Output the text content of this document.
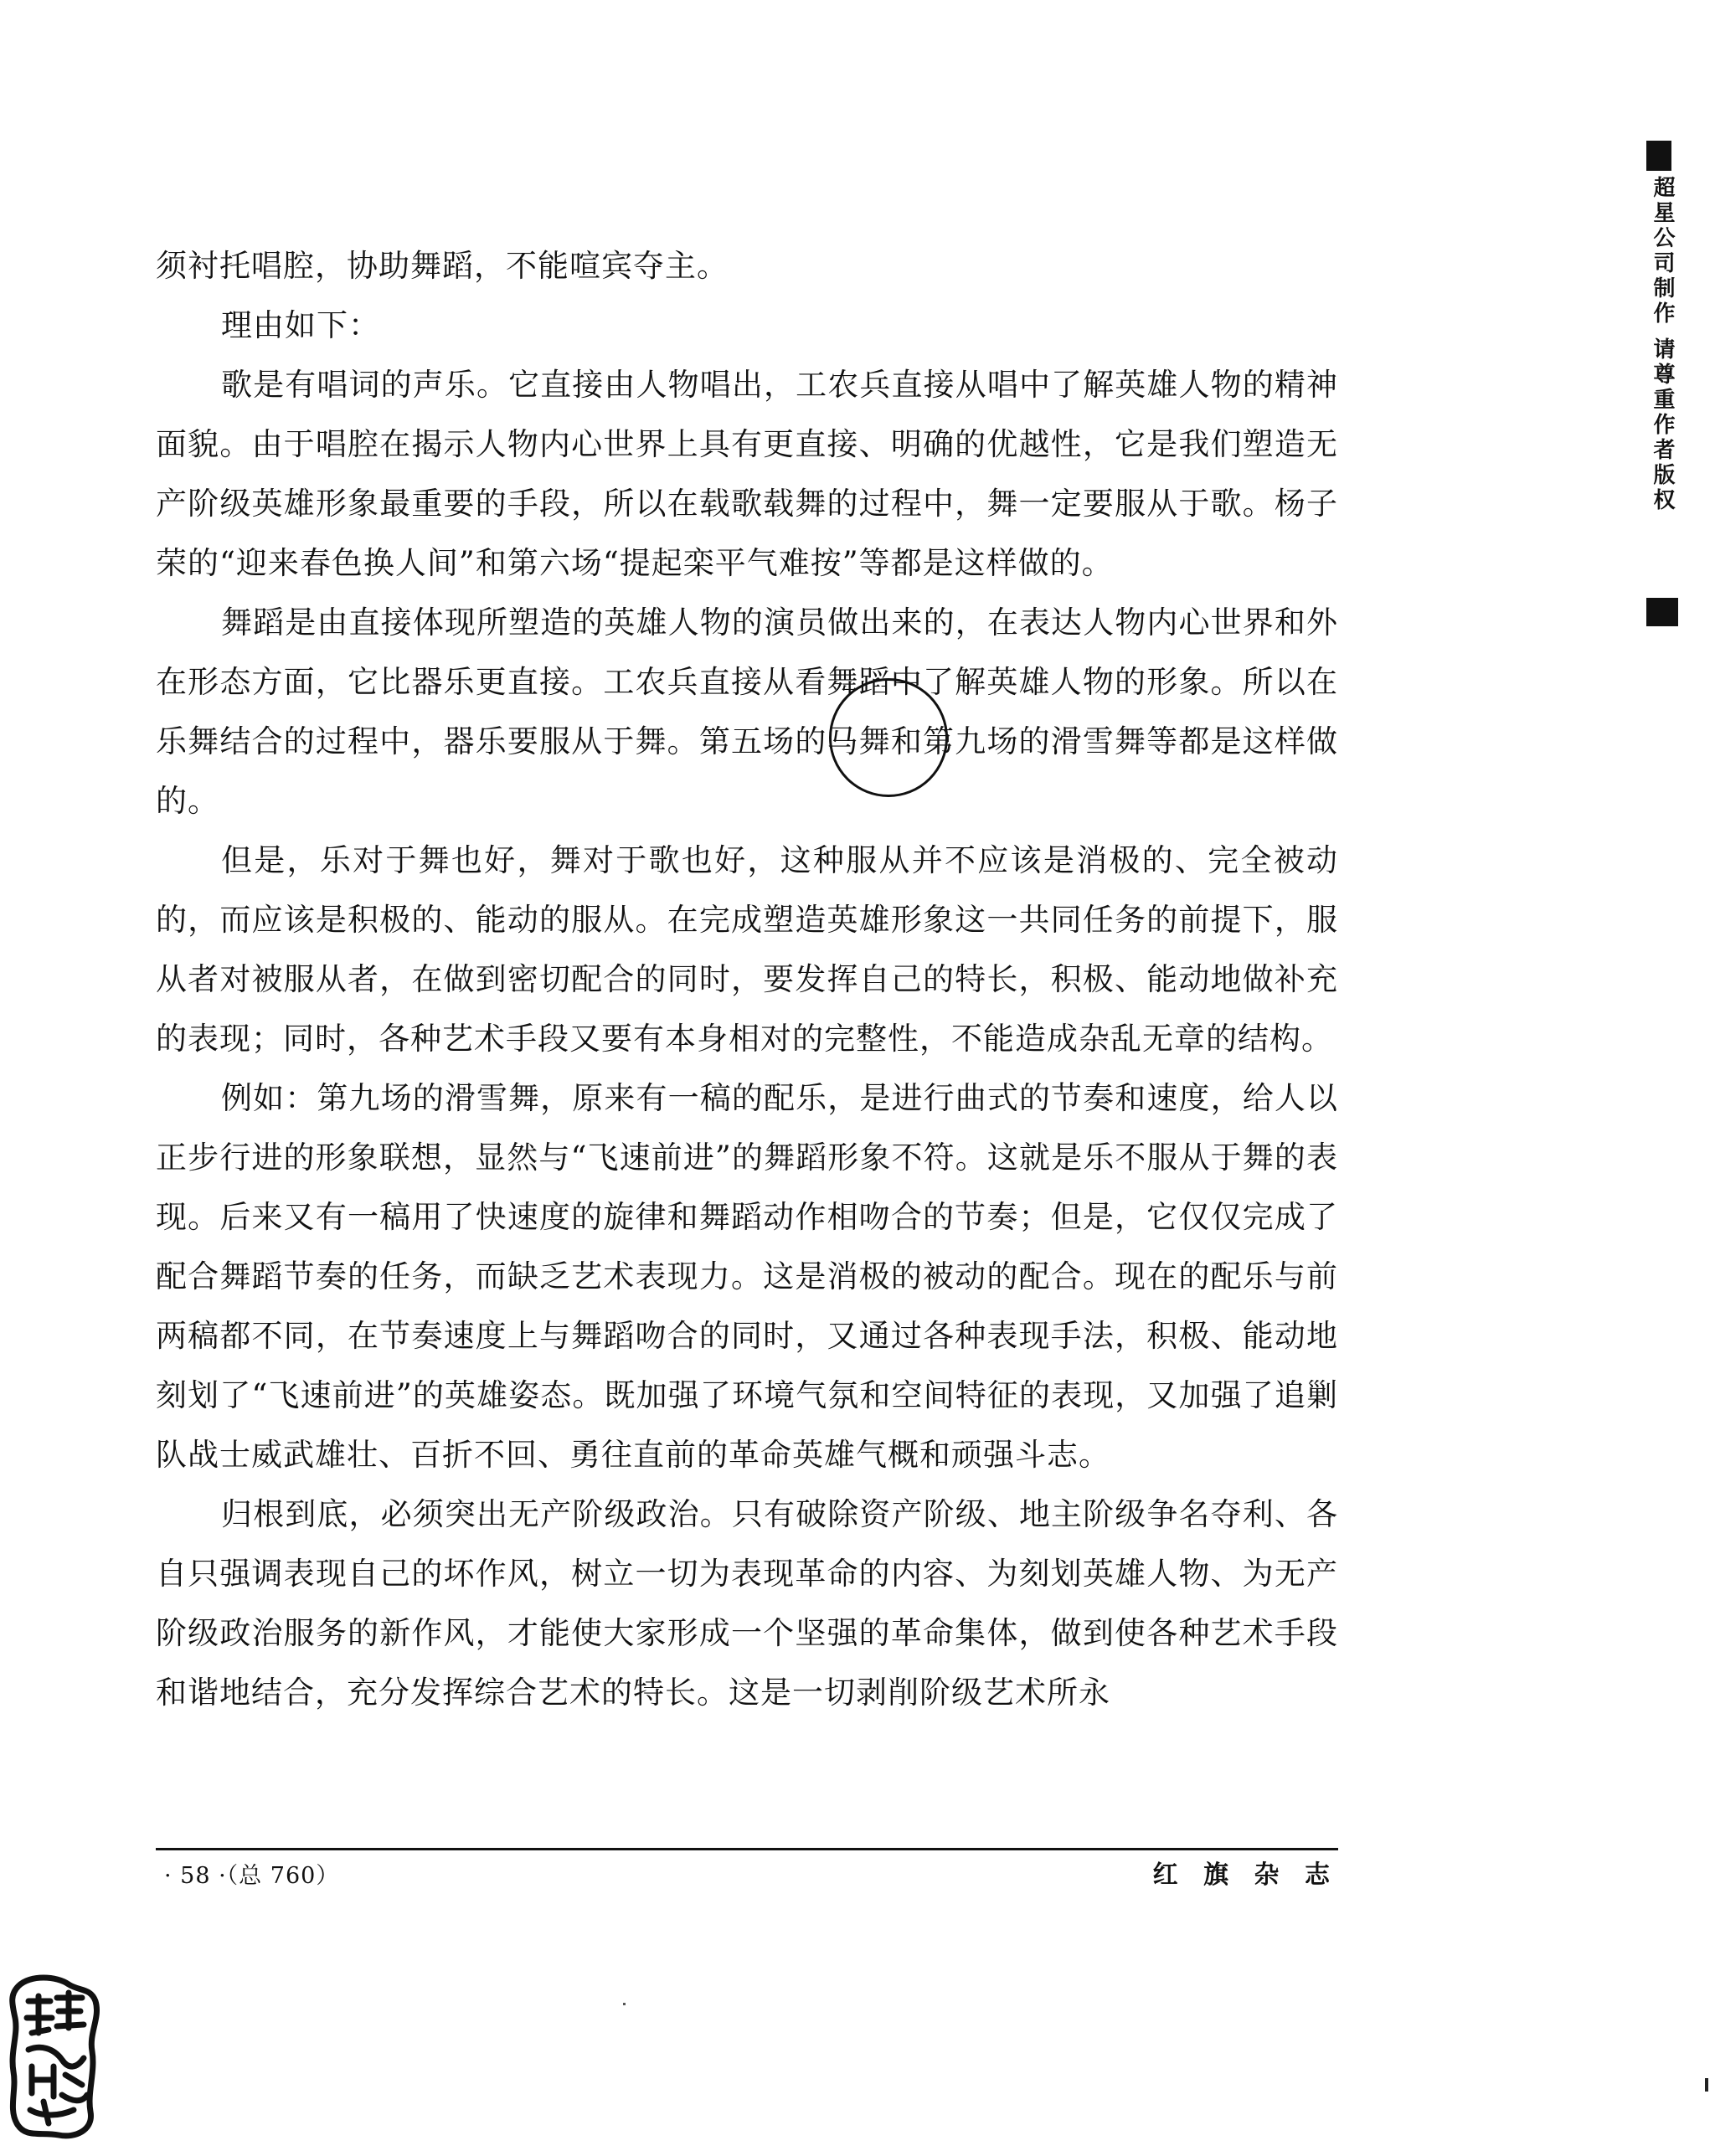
须衬托唱腔，协助舞蹈，不能喧宾夺主。

理由如下：

歌是有唱词的声乐。它直接由人物唱出，工农兵直接从唱中了解英雄人物的精神面貌。由于唱腔在揭示人物内心世界上具有更直接、明确的优越性，它是我们塑造无产阶级英雄形象最重要的手段，所以在载歌载舞的过程中，舞一定要服从于歌。杨子荣的“迎来春色换人间”和第六场“提起栾平气难按”等都是这样做的。

舞蹈是由直接体现所塑造的英雄人物的演员做出来的，在表达人物内心世界和外在形态方面，它比器乐更直接。工农兵直接从看舞蹈中了解英雄人物的形象。所以在乐舞结合的过程中，器乐要服从于舞。第五场的马舞和第九场的滑雪舞等都是这样做的。

但是，乐对于舞也好，舞对于歌也好，这种服从并不应该是消极的、完全被动的，而应该是积极的、能动的服从。在完成塑造英雄形象这一共同任务的前提下，服从者对被服从者，在做到密切配合的同时，要发挥自己的特长，积极、能动地做补充的表现；同时，各种艺术手段又要有本身相对的完整性，不能造成杂乱无章的结构。

例如：第九场的滑雪舞，原来有一稿的配乐，是进行曲式的节奏和速度，给人以正步行进的形象联想，显然与“飞速前进”的舞蹈形象不符。这就是乐不服从于舞的表现。后来又有一稿用了快速度的旋律和舞蹈动作相吻合的节奏；但是，它仅仅完成了配合舞蹈节奏的任务，而缺乏艺术表现力。这是消极的被动的配合。现在的配乐与前两稿都不同，在节奏速度上与舞蹈吻合的同时，又通过各种表现手法，积极、能动地刻划了“飞速前进”的英雄姿态。既加强了环境气氛和空间特征的表现，又加强了追剿队战士威武雄壮、百折不回、勇往直前的革命英雄气概和顽强斗志。

归根到底，必须突出无产阶级政治。只有破除资产阶级、地主阶级争名夺利、各自只强调表现自己的坏作风，树立一切为表现革命的内容、为刻划英雄人物、为无产阶级政治服务的新作风，才能使大家形成一个坚强的革命集体，做到使各种艺术手段和谐地结合，充分发挥综合艺术的特长。这是一切剥削阶级艺术所永

· 58 ·（总 760）	红 旗 杂 志
超星公司制作 请尊重作者版权
